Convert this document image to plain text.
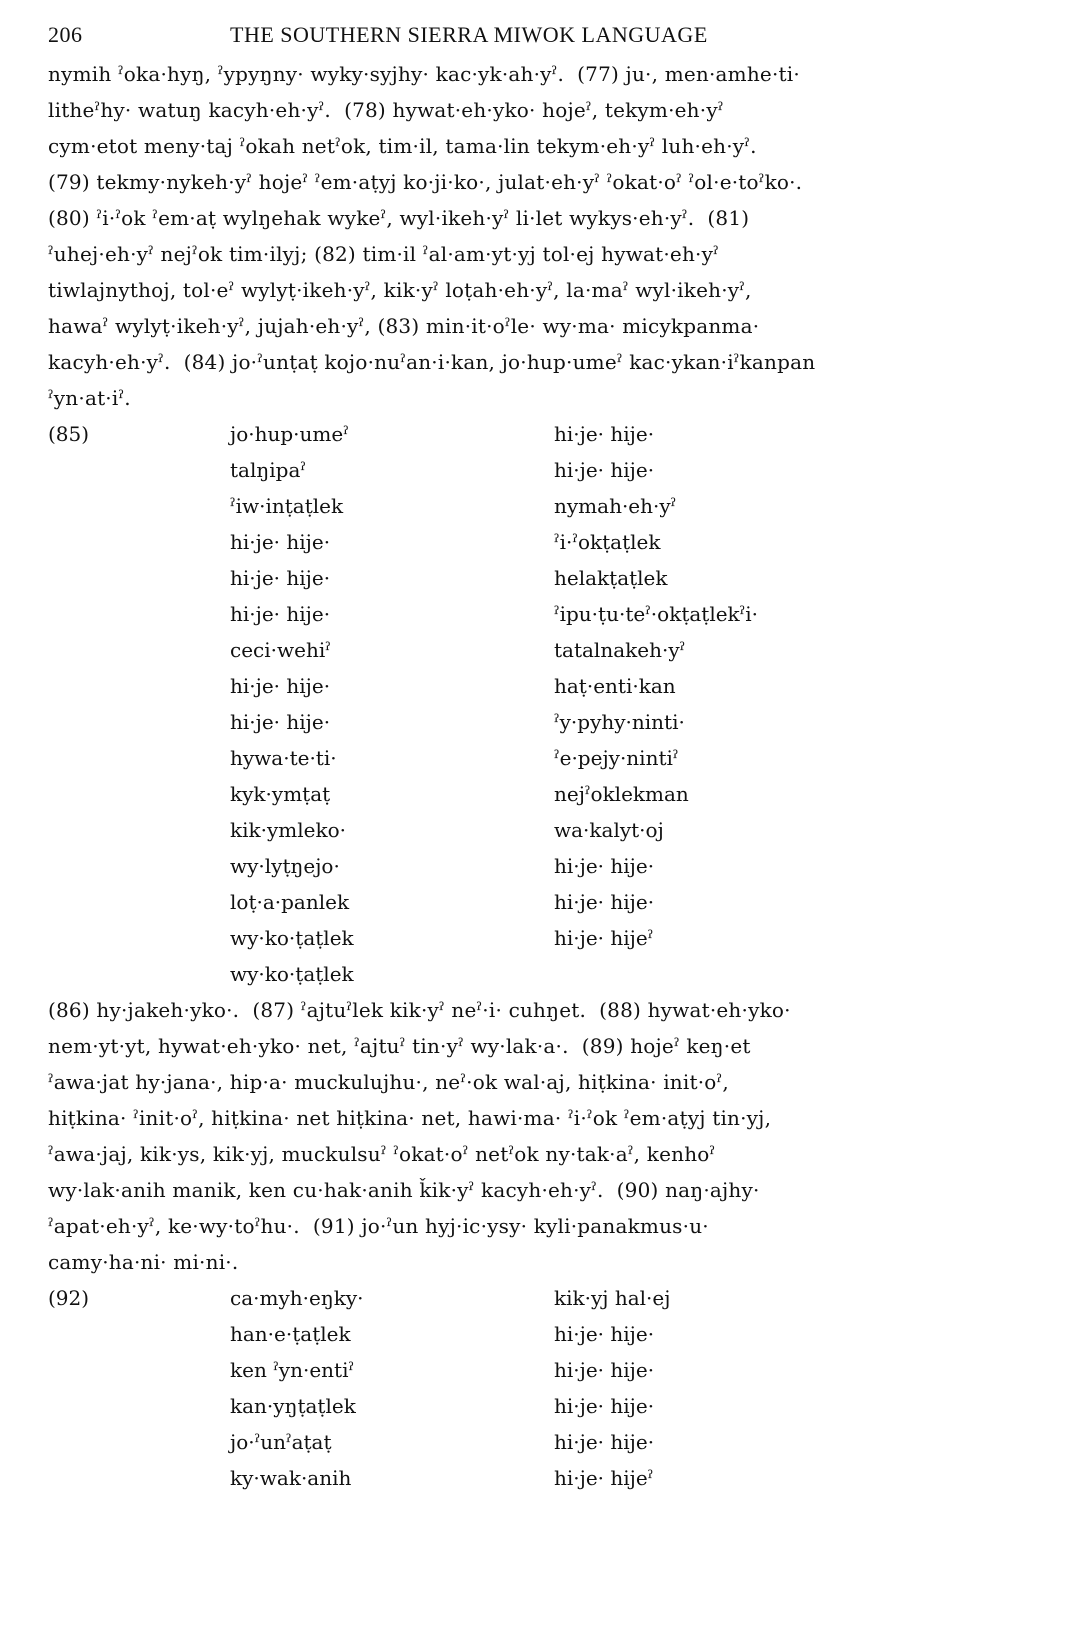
206	THE SOUTHERN SIERRA MIWOK LANGUAGE
nymih ˀoka·hyŋ, ˀypyŋny· wyky·syjhy· kac·yk·ah·yˀ.  (77) ju·, men·amhe·ti·
litheˀhy· watuŋ kacyh·eh·yˀ.  (78) hywat·eh·yko· hojeˀ, tekym·eh·yˀ
cym·etot meny·taj ˀokah netˀok, tim·il, tama·lin tekym·eh·yˀ luh·eh·yˀ.
(79) tekmy·nykeh·yˀ hojeˀ ˀem·aṭyj ko·ji·ko·, julat·eh·yˀ ˀokat·oˀ ˀol·e·toˀko·.
(80) ˀi·ˀok ˀem·aṭ wylŋehak wykeˀ, wyl·ikeh·yˀ li·let wykys·eh·yˀ.  (81)
ˀuhej·eh·yˀ nejˀok tim·ilyj; (82) tim·il ˀal·am·yt·yj tol·ej hywat·eh·yˀ
tiwlajnythoj, tol·eˀ wylyṭ·ikeh·yˀ, kik·yˀ loṭah·eh·yˀ, la·maˀ wyl·ikeh·yˀ,
hawaˀ wylyṭ·ikeh·yˀ, jujah·eh·yˀ, (83) min·it·oˀle· wy·ma· micykpanma·
kacyh·eh·yˀ.  (84) jo·ˀunṭaṭ kojo·nuˀan·i·kan, jo·hup·umeˀ kac·ykan·iˀkanpan
ˀyn·at·iˀ.
(85)	jo·hup·umeˀ	hi·je· hije·
talŋipaˀ	hi·je· hije·
ˀiw·inṭaṭlek	nymah·eh·yˀ
hi·je· hije·	ˀi·ˀokṭaṭlek
hi·je· hije·	helakṭaṭlek
hi·je· hije·	ˀipu·ṭu·teˀ·okṭaṭlekˀi·
ceci·wehiˀ	tatalnakeh·yˀ
hi·je· hije·	haṭ·enti·kan
hi·je· hije·	ˀy·pyhy·ninti·
hywa·te·ti·	ˀe·pejy·nintiˀ
kyk·ymṭaṭ	nejˀoklekman
kik·ymleko·	wa·kalyt·oj
wy·lyṭŋejo·	hi·je· hije·
loṭ·a·panlek	hi·je· hije·
wy·ko·ṭaṭlek	hi·je· hijeˀ
wy·ko·ṭaṭlek
(86) hy·jakeh·yko·.  (87) ˀajtuˀlek kik·yˀ neˀ·i· cuhŋet.  (88) hywat·eh·yko·
nem·yt·yt, hywat·eh·yko· net, ˀajtuˀ tin·yˀ wy·lak·a·.  (89) hojeˀ keŋ·et
ˀawa·jat hy·jana·, hip·a· muckulujhu·, neˀ·ok wal·aj, hiṭkina· init·oˀ,
hiṭkina· ˀinit·oˀ, hiṭkina· net hiṭkina· net, hawi·ma· ˀi·ˀok ˀem·aṭyj tin·yj,
ˀawa·jaj, kik·ys, kik·yj, muckulsuˀ ˀokat·oˀ netˀok ny·tak·aˀ, kenhoˀ
wy·lak·anih manik, ken cu·hak·anih ǩik·yˀ kacyh·eh·yˀ.  (90) naŋ·ajhy·
ˀapat·eh·yˀ, ke·wy·toˀhu·.  (91) jo·ˀun hyj·ic·ysy· kyli·panakmus·u·
camy·ha·ni· mi·ni·.
(92)	ca·myh·eŋky·	kik·yj hal·ej
han·e·ṭaṭlek	hi·je· hije·
ken ˀyn·entiˀ	hi·je· hije·
kan·yŋṭaṭlek	hi·je· hije·
jo·ˀunˀaṭaṭ	hi·je· hije·
ky·wak·anih	hi·je· hijeˀ
